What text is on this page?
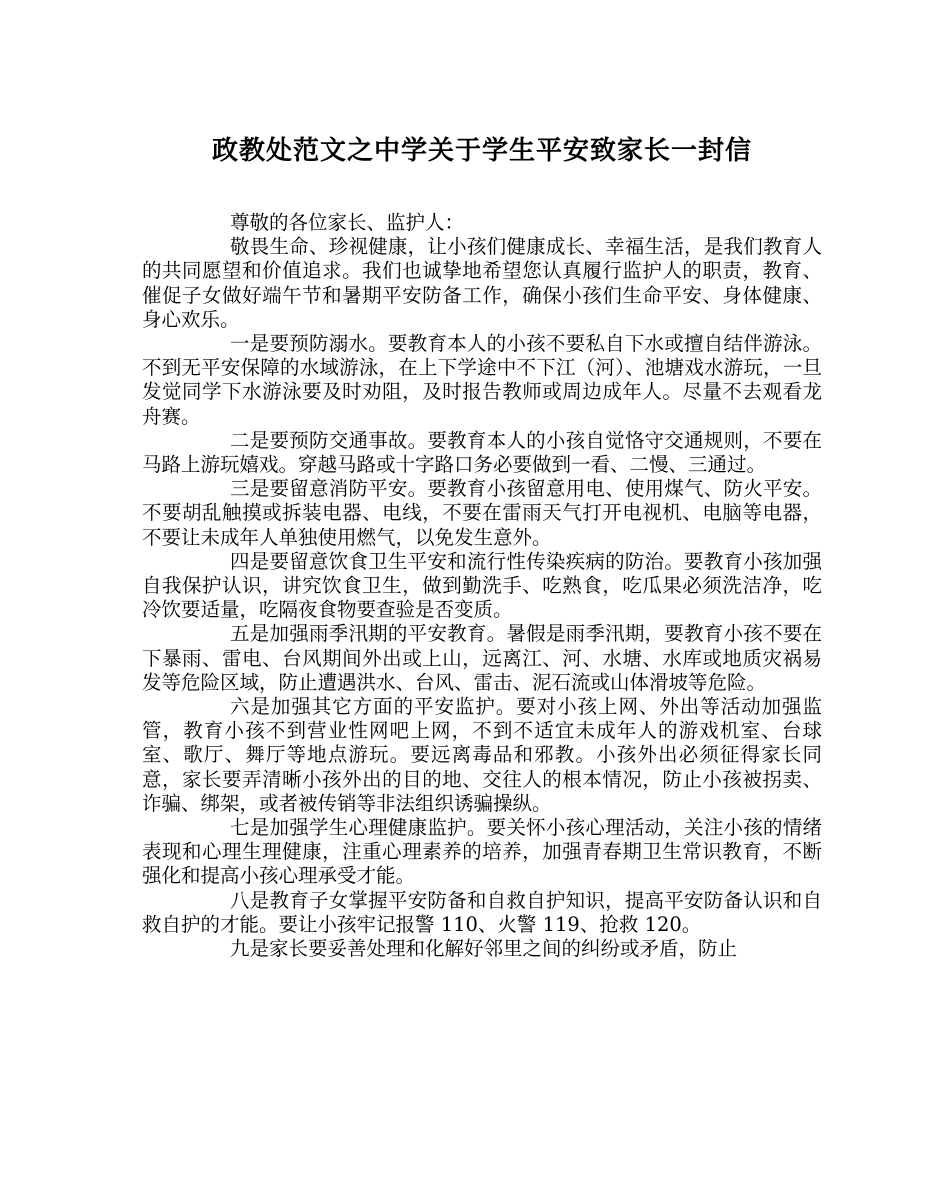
政教处范文之中学关于学生平安致家长一封信

尊敬的各位家长、监护人：

敬畏生命、珍视健康，让小孩们健康成长、幸福生活，是我们教育人的共同愿望和价值追求。我们也诚挚地希望您认真履行监护人的职责，教育、催促子女做好端午节和暑期平安防备工作，确保小孩们生命平安、身体健康、身心欢乐。

一是要预防溺水。要教育本人的小孩不要私自下水或擅自结伴游泳。不到无平安保障的水域游泳，在上下学途中不下江（河）、池塘戏水游玩，一旦发觉同学下水游泳要及时劝阻，及时报告教师或周边成年人。尽量不去观看龙舟赛。

二是要预防交通事故。要教育本人的小孩自觉恪守交通规则，不要在马路上游玩嬉戏。穿越马路或十字路口务必要做到一看、二慢、三通过。

三是要留意消防平安。要教育小孩留意用电、使用煤气、防火平安。不要胡乱触摸或拆装电器、电线，不要在雷雨天气打开电视机、电脑等电器，不要让未成年人单独使用燃气，以免发生意外。

四是要留意饮食卫生平安和流行性传染疾病的防治。要教育小孩加强自我保护认识，讲究饮食卫生，做到勤洗手、吃熟食，吃瓜果必须洗洁净，吃冷饮要适量，吃隔夜食物要查验是否变质。

五是加强雨季汛期的平安教育。暑假是雨季汛期，要教育小孩不要在下暴雨、雷电、台风期间外出或上山，远离江、河、水塘、水库或地质灾祸易发等危险区域，防止遭遇洪水、台风、雷击、泥石流或山体滑坡等危险。

六是加强其它方面的平安监护。要对小孩上网、外出等活动加强监管，教育小孩不到营业性网吧上网，不到不适宜未成年人的游戏机室、台球室、歌厅、舞厅等地点游玩。要远离毒品和邪教。小孩外出必须征得家长同意，家长要弄清晰小孩外出的目的地、交往人的根本情况，防止小孩被拐卖、诈骗、绑架，或者被传销等非法组织诱骗操纵。

七是加强学生心理健康监护。要关怀小孩心理活动，关注小孩的情绪表现和心理生理健康，注重心理素养的培养，加强青春期卫生常识教育，不断强化和提高小孩心理承受才能。

八是教育子女掌握平安防备和自救自护知识，提高平安防备认识和自救自护的才能。要让小孩牢记报警 110、火警 119、抢救 120。

九是家长要妥善处理和化解好邻里之间的纠纷或矛盾，防止
